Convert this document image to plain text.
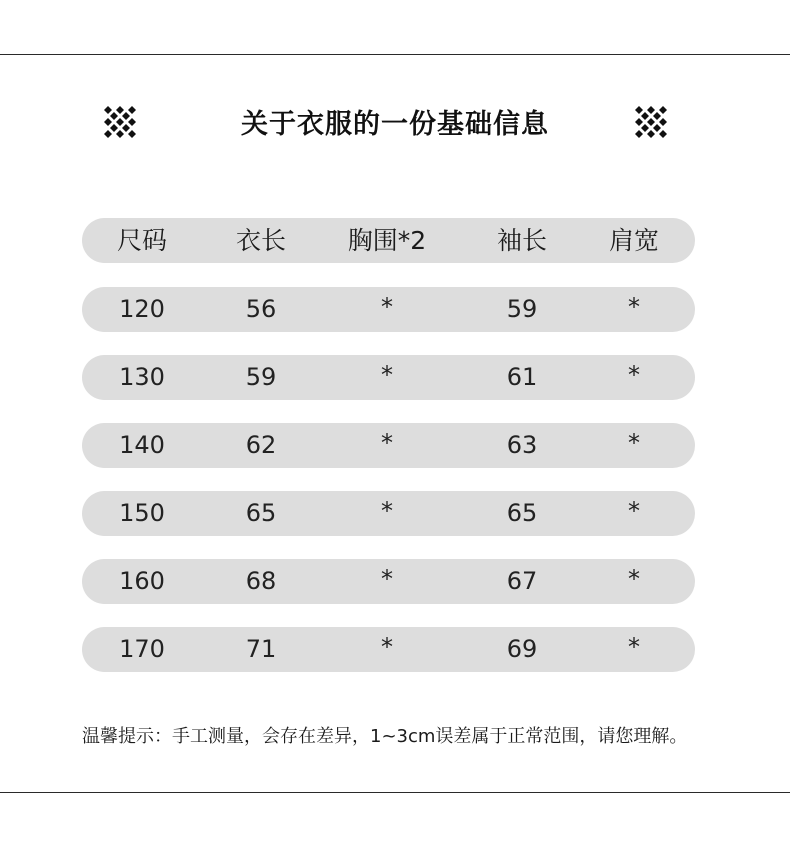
关于衣服的一份基础信息
尺码	衣长	胸围*2	袖长	肩宽
120	56	*	59	*
130	59	*	61	*
140	62	*	63	*
150	65	*	65	*
160	68	*	67	*
170	71	*	69	*
温馨提示：手工测量，会存在差异，1~3cm误差属于正常范围，请您理解。
